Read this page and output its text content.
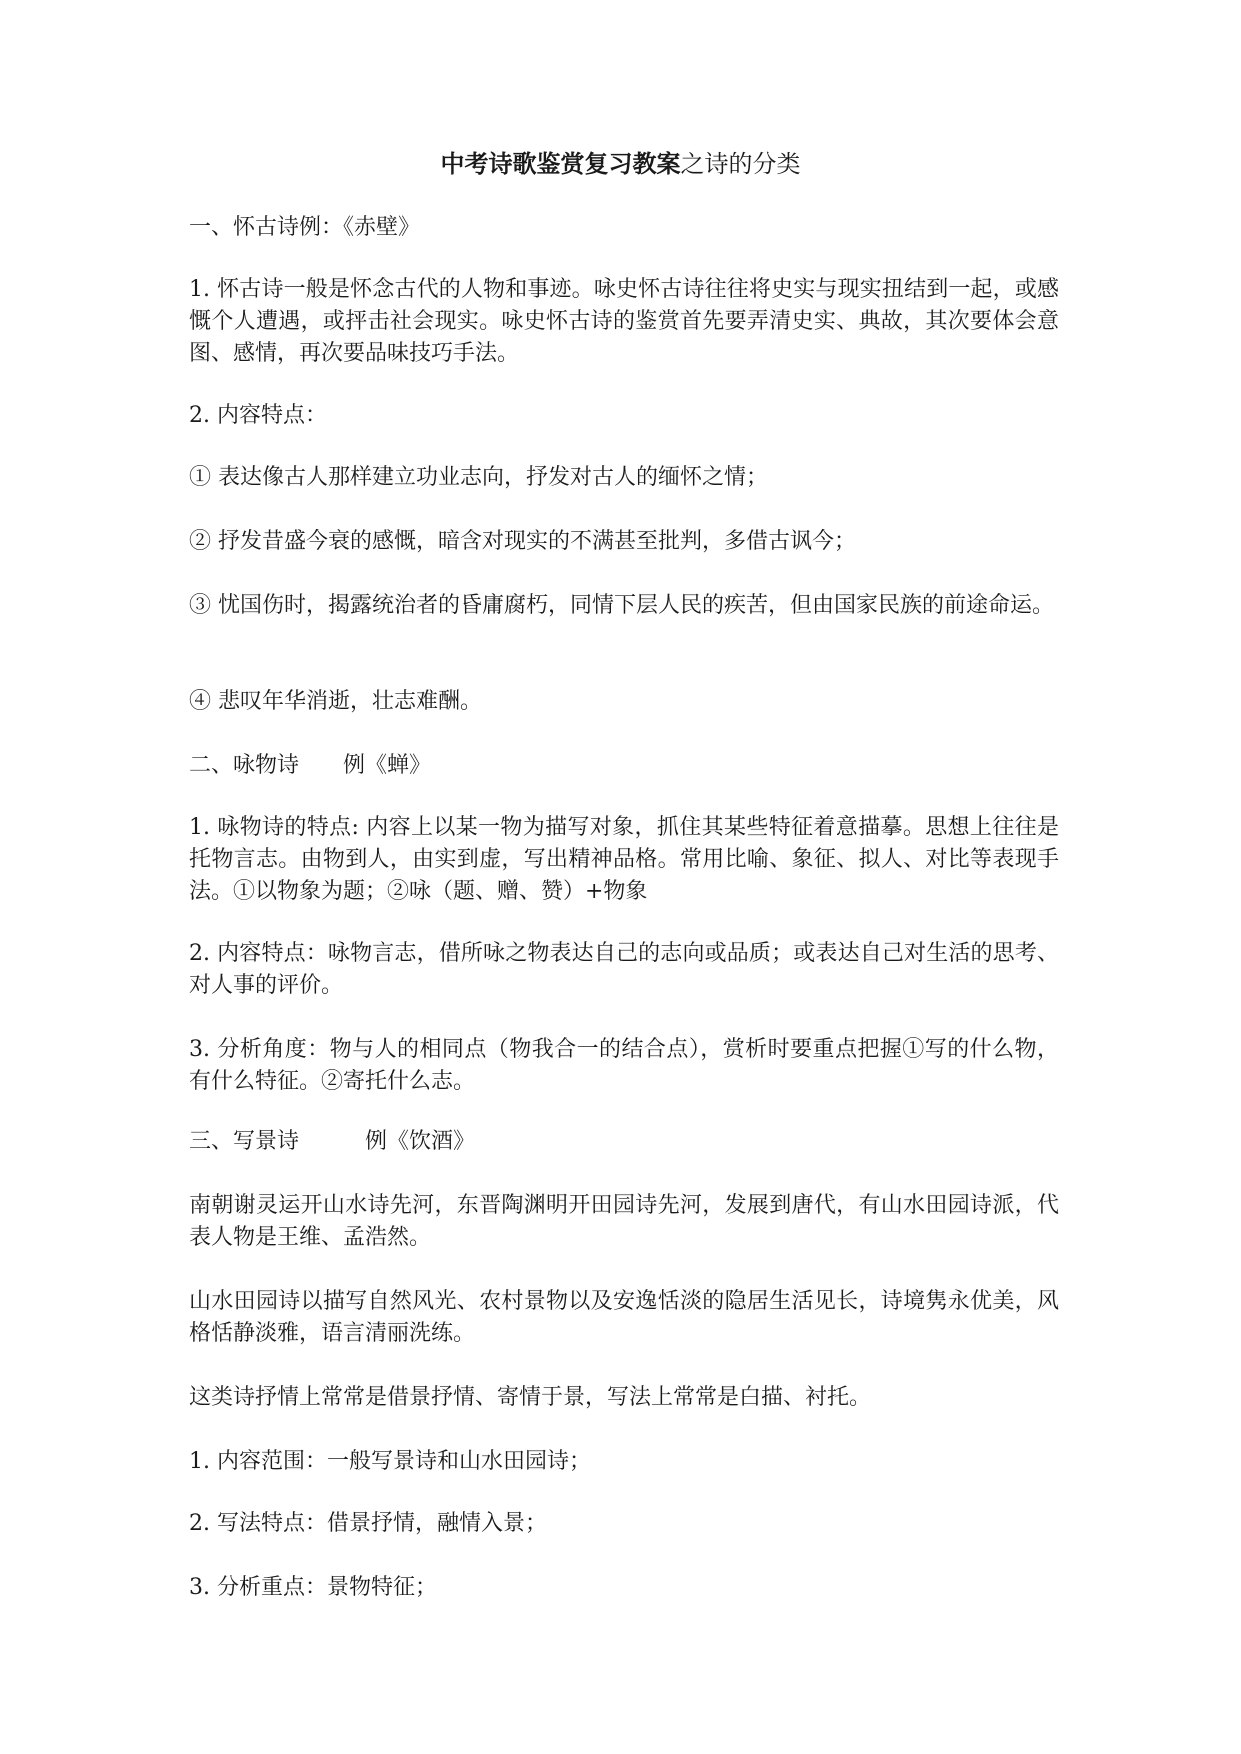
中考诗歌鉴赏复习教案之诗的分类

一、怀古诗例：《赤壁》

1. 怀古诗一般是怀念古代的人物和事迹。咏史怀古诗往往将史实与现实扭结到一起，或感慨个人遭遇，或抨击社会现实。咏史怀古诗的鉴赏首先要弄清史实、典故，其次要体会意图、感情，再次要品味技巧手法。

2. 内容特点：

① 表达像古人那样建立功业志向，抒发对古人的缅怀之情；

② 抒发昔盛今衰的感慨，暗含对现实的不满甚至批判，多借古讽今；

③ 忧国伤时，揭露统治者的昏庸腐朽，同情下层人民的疾苦，但由国家民族的前途命运。

④ 悲叹年华消逝，壮志难酬。

二、咏物诗　　例《蝉》

1. 咏物诗的特点: 内容上以某一物为描写对象，抓住其某些特征着意描摹。思想上往往是托物言志。由物到人，由实到虚，写出精神品格。常用比喻、象征、拟人、对比等表现手法。①以物象为题；②咏（题、赠、赞）+物象

2. 内容特点：咏物言志，借所咏之物表达自己的志向或品质；或表达自己对生活的思考、对人事的评价。

3. 分析角度：物与人的相同点（物我合一的结合点），赏析时要重点把握①写的什么物，有什么特征。②寄托什么志。

三、写景诗　　　例《饮酒》

南朝谢灵运开山水诗先河，东晋陶渊明开田园诗先河，发展到唐代，有山水田园诗派，代表人物是王维、孟浩然。

山水田园诗以描写自然风光、农村景物以及安逸恬淡的隐居生活见长，诗境隽永优美，风格恬静淡雅，语言清丽洗练。

这类诗抒情上常常是借景抒情、寄情于景，写法上常常是白描、衬托。

1. 内容范围：一般写景诗和山水田园诗；

2. 写法特点：借景抒情，融情入景；

3. 分析重点：景物特征；
